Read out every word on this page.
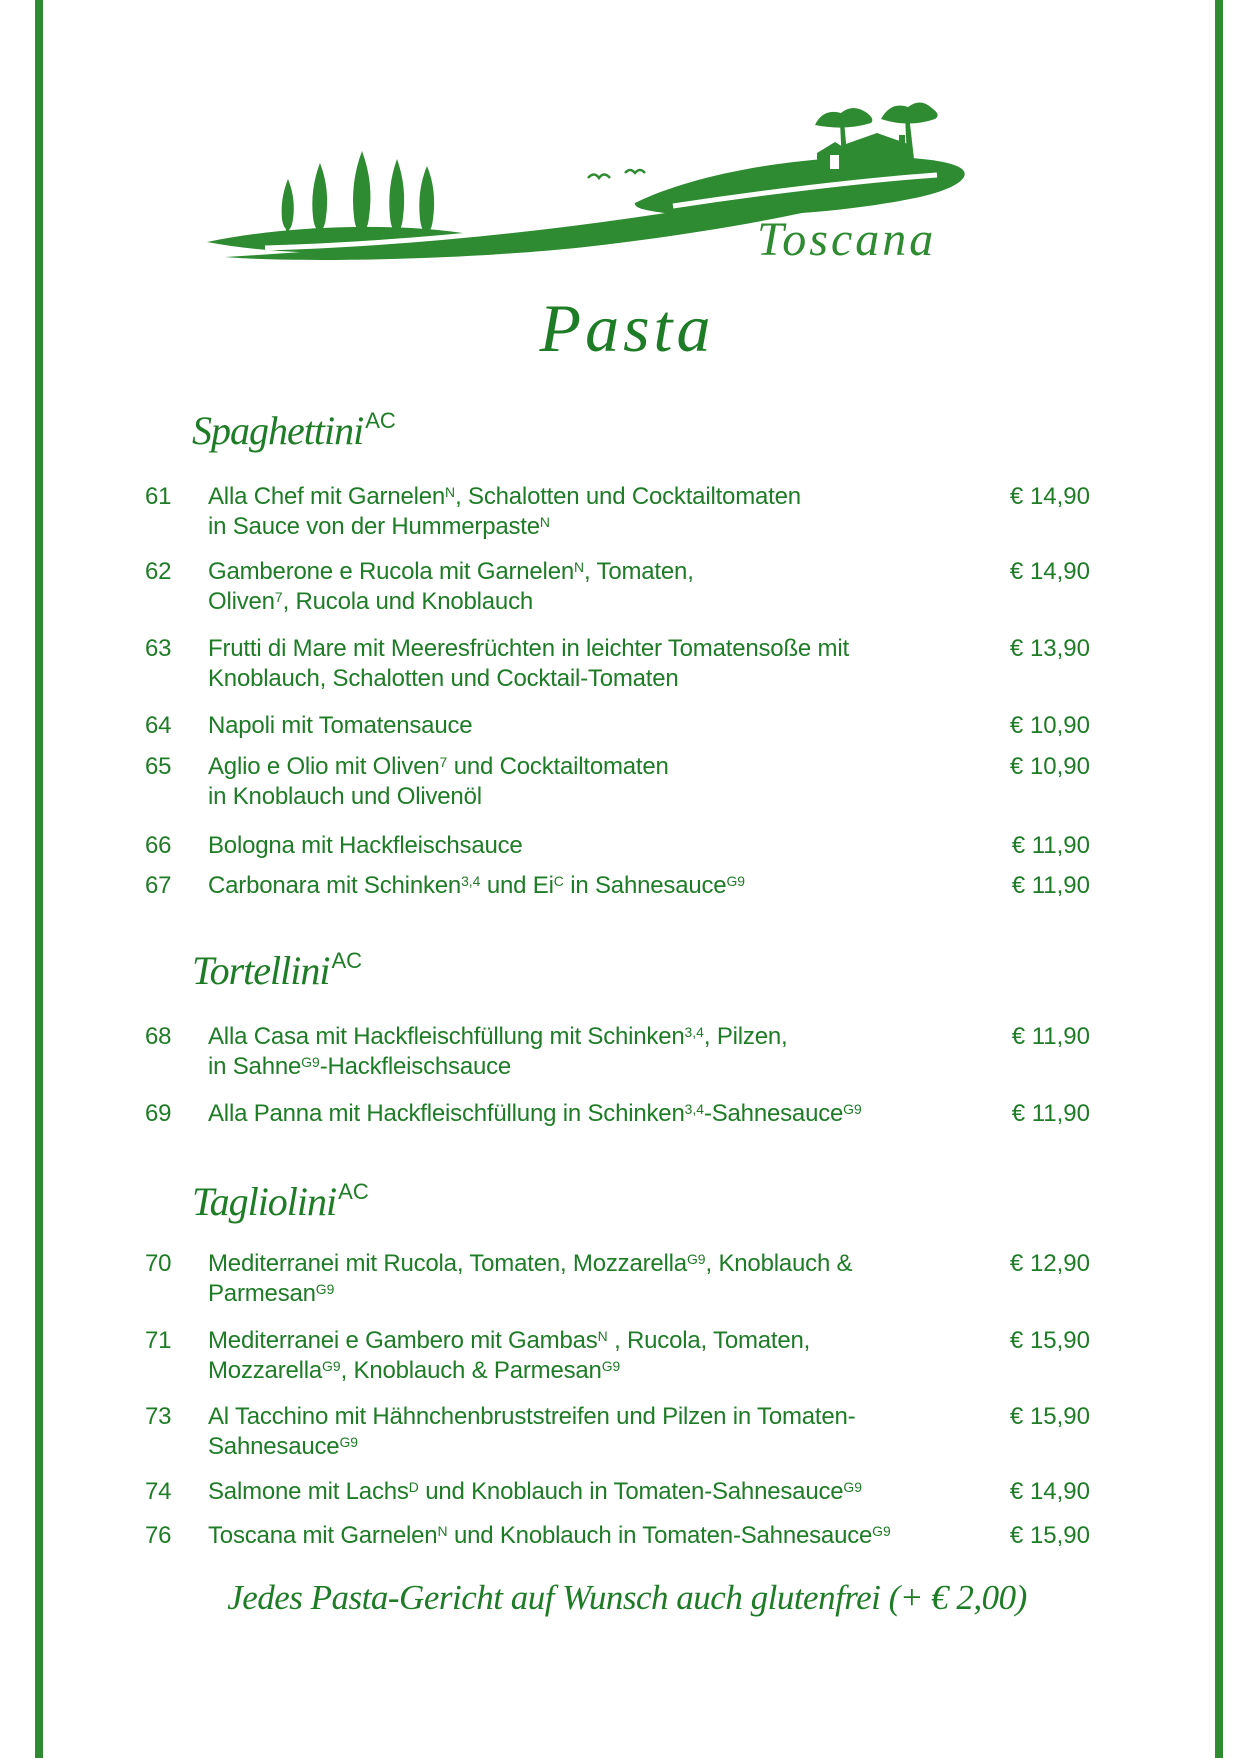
Toscana
Pasta
Spaghettini$^{AC}$
61 Alla Chef mit Garnelen$^N$, Schalotten und Cocktailtomaten
in Sauce von der Hummerpaste$^N$
€ 14,90
62 Gamberone e Rucola mit Garnelen$^N$, Tomaten,
Oliven$^7$, Rucola und Knoblauch
€ 14,90
63 Frutti di Mare mit Meeresfrüchten in leichter Tomatensoße mit
Knoblauch, Schalotten und Cocktail-Tomaten
€ 13,90
64 Napoli mit Tomatensauce	€ 10,90
65 Aglio e Olio mit Oliven$^7$ und Cocktailtomaten
in Knoblauch und Olivenöl
€ 10,90
66 Bologna mit Hackfleischsauce	€ 11,90
67 Carbonara mit Schinken$^{3,4}$ und $Ei^C$ in Sahnesauce$^{G9}$	€ 11,90
Tortellini$^{AC}$
68 Alla Casa mit Hackfleischfüllung mit Schinken$^{3,4}$, Pilzen,
in Sahne$^{G9}$-Hackfleischsauce
€ 11,90
69 Alla Panna mit Hackfleischfüllung in Schinken$^{3,4}$-Sahnesauce$^{G9}$	€ 11,90
Tagliolini$^{AC}$
70 Mediterranei mit Rucola, Tomaten, Mozzarella$^{G9}$, Knoblauch &
Parmesan$^{G9}$
€ 12,90
71 Mediterranei e Gambero mit Gambas$^N$ , Rucola, Tomaten,
Mozzarella$^{G9}$, Knoblauch & Parmesan$^{G9}$
€ 15,90
73 Al Tacchino mit Hähnchenbruststreifen und Pilzen in Tomaten-
Sahnesauce$^{G9}$
€ 15,90
74 Salmone mit Lachs$^D$ und Knoblauch in Tomaten-Sahnesauce$^{G9}$	€ 14,90
76 Toscana mit Garnelen$^N$ und Knoblauch in Tomaten-Sahnesauce$^{G9}$	€ 15,90

Jedes Pasta-Gericht auf Wunsch auch glutenfrei (+ € 2,00)
